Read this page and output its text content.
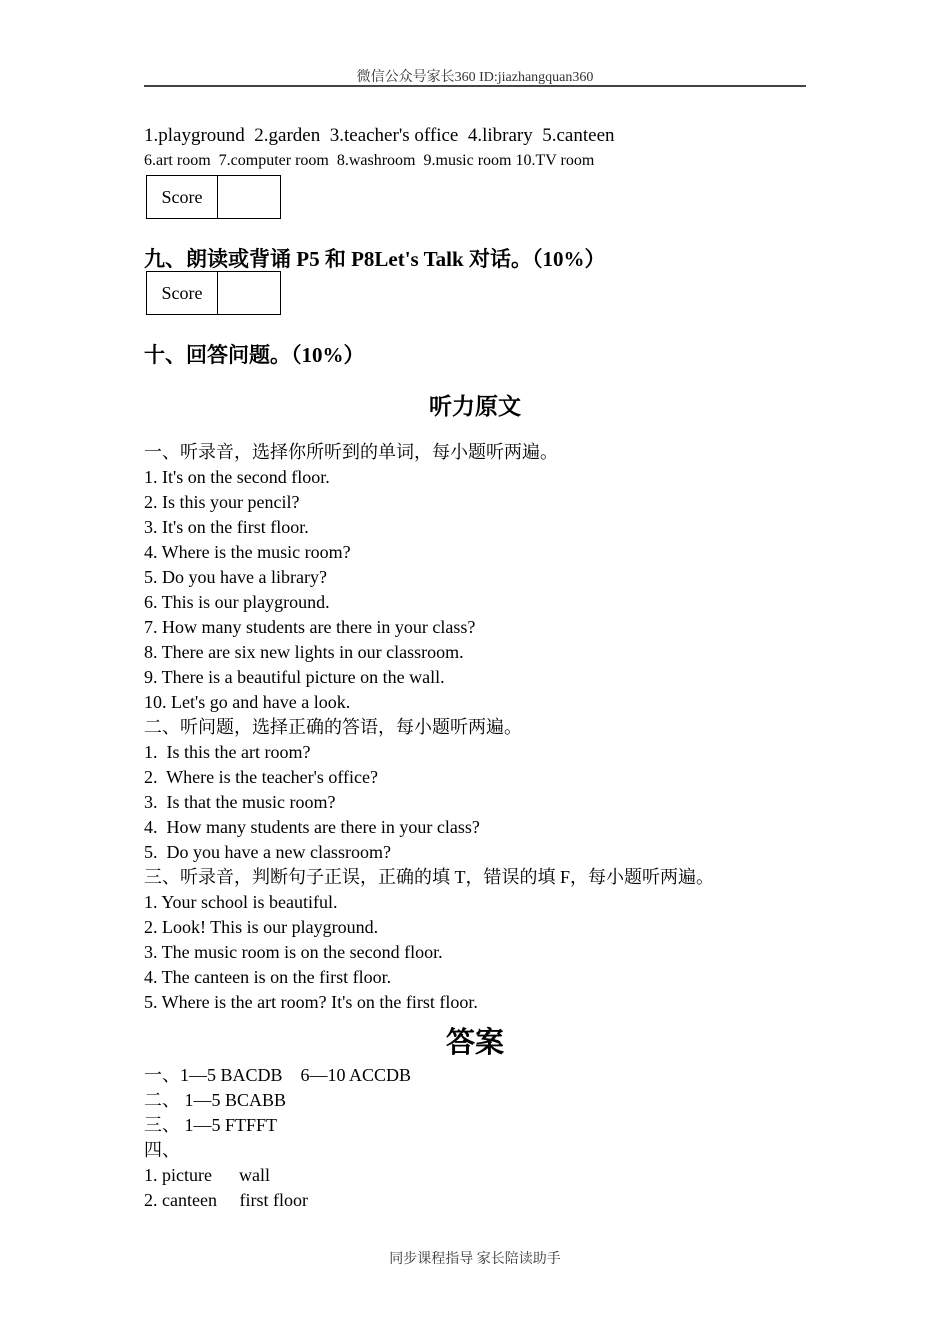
微信公众号家长360 ID:jiazhangquan360
1.playground  2.garden  3.teacher's office  4.library  5.canteen
6.art room  7.computer room  8.washroom  9.music room 10.TV room
Score
九、朗读或背诵 P5 和 P8Let's Talk 对话。（10%）
Score
十、回答问题。（10%）
听力原文
一、听录音，选择你所听到的单词，每小题听两遍。
1. It's on the second floor.
2. Is this your pencil?
3. It's on the first floor.
4. Where is the music room?
5. Do you have a library?
6. This is our playground.
7. How many students are there in your class?
8. There are six new lights in our classroom.
9. There is a beautiful picture on the wall.
10. Let's go and have a look.
二、听问题，选择正确的答语，每小题听两遍。
1.  Is this the art room?
2.  Where is the teacher's office?
3.  Is that the music room?
4.  How many students are there in your class?
5.  Do you have a new classroom?
三、听录音，判断句子正误，正确的填 T，错误的填 F，每小题听两遍。
1. Your school is beautiful.
2. Look! This is our playground.
3. The music room is on the second floor.
4. The canteen is on the first floor.
5. Where is the art room? It's on the first floor.
答案
一、1—5 BACDB    6—10 ACCDB
二、 1—5 BCABB
三、 1—5 FTFFT
四、
1. picture      wall
2. canteen     first floor
同步课程指导 家长陪读助手
